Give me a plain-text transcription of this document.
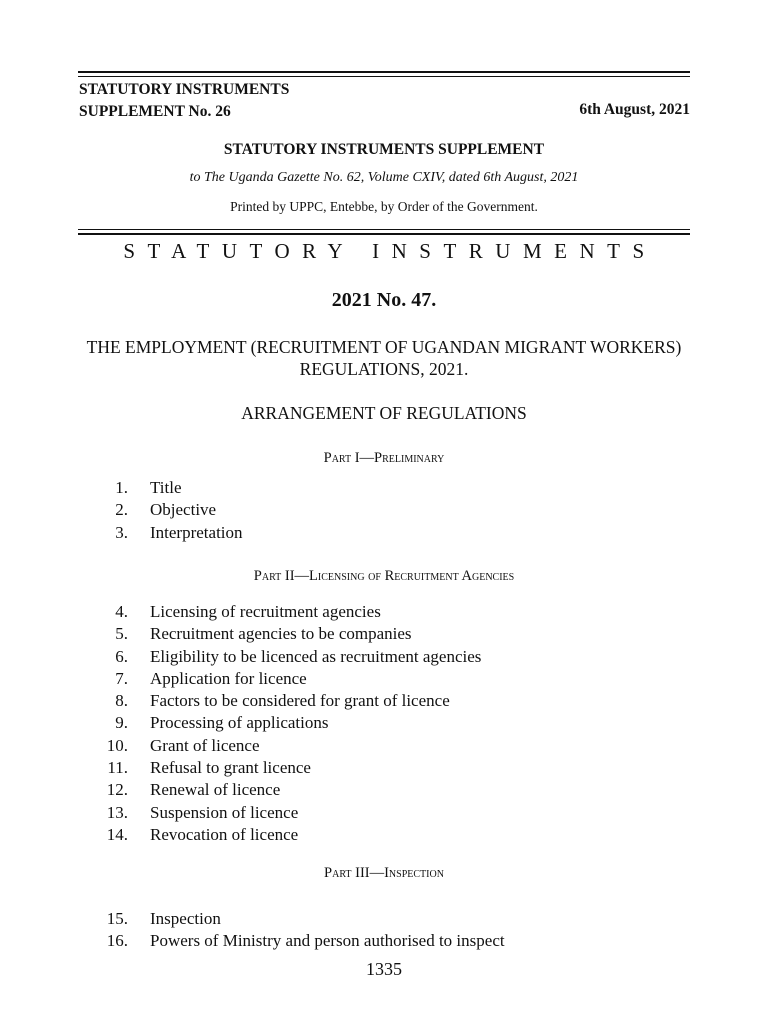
STATUTORY INSTRUMENTS
SUPPLEMENT No. 26	6th August, 2021
STATUTORY INSTRUMENTS SUPPLEMENT
to The Uganda Gazette No. 62, Volume CXIV, dated 6th August, 2021
Printed by UPPC, Entebbe, by Order of the Government.
STATUTORY INSTRUMENTS
2021 No. 47.
THE EMPLOYMENT (RECRUITMENT OF UGANDAN MIGRANT WORKERS) REGULATIONS, 2021.
ARRANGEMENT OF REGULATIONS
Part I—Preliminary
1. Title
2. Objective
3. Interpretation
Part II—Licensing of Recruitment Agencies
4. Licensing of recruitment agencies
5. Recruitment agencies to be companies
6. Eligibility to be licenced as recruitment agencies
7. Application for licence
8. Factors to be considered for grant of licence
9. Processing of applications
10. Grant of licence
11. Refusal to grant licence
12. Renewal of licence
13. Suspension of licence
14. Revocation of licence
Part III—Inspection
15. Inspection
16. Powers of Ministry and person authorised to inspect
1335
